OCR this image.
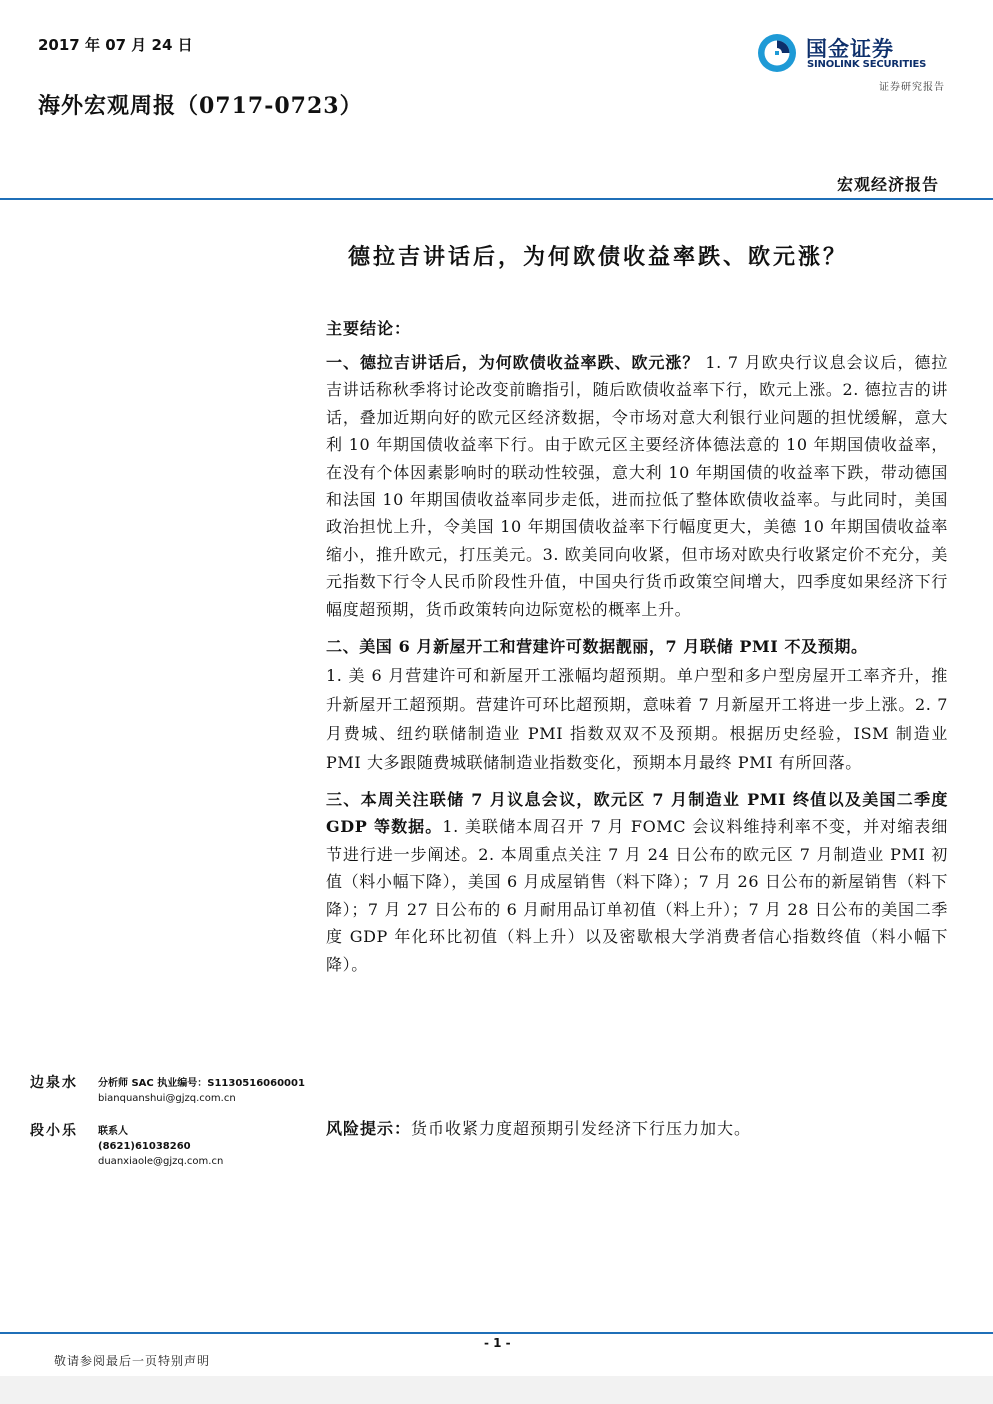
2017 年 07 月 24 日
海外宏观周报（0717-0723）
国金证券
SINOLINK SECURITIES
证券研究报告
宏观经济报告
德拉吉讲话后，为何欧债收益率跌、欧元涨？
主要结论：

一、德拉吉讲话后，为何欧债收益率跌、欧元涨？ 1. 7 月欧央行议息会议后，德拉吉讲话称秋季将讨论改变前瞻指引，随后欧债收益率下行，欧元上涨。2. 德拉吉的讲话，叠加近期向好的欧元区经济数据，令市场对意大利银行业问题的担忧缓解，意大利 10 年期国债收益率下行。由于欧元区主要经济体德法意的 10 年期国债收益率，在没有个体因素影响时的联动性较强，意大利 10 年期国债的收益率下跌，带动德国和法国 10 年期国债收益率同步走低，进而拉低了整体欧债收益率。与此同时，美国政治担忧上升，令美国 10 年期国债收益率下行幅度更大，美德 10 年期国债收益率缩小，推升欧元，打压美元。3. 欧美同向收紧，但市场对欧央行收紧定价不充分，美元指数下行令人民币阶段性升值，中国央行货币政策空间增大，四季度如果经济下行幅度超预期，货币政策转向边际宽松的概率上升。

二、美国 6 月新屋开工和营建许可数据靓丽，7 月联储 PMI 不及预期。
1. 美 6 月营建许可和新屋开工涨幅均超预期。单户型和多户型房屋开工率齐升，推升新屋开工超预期。营建许可环比超预期，意味着 7 月新屋开工将进一步上涨。2. 7 月费城、纽约联储制造业 PMI 指数双双不及预期。根据历史经验，ISM 制造业 PMI 大多跟随费城联储制造业指数变化，预期本月最终 PMI 有所回落。

三、本周关注联储 7 月议息会议，欧元区 7 月制造业 PMI 终值以及美国二季度 GDP 等数据。1. 美联储本周召开 7 月 FOMC 会议料维持利率不变，并对缩表细节进行进一步阐述。2. 本周重点关注 7 月 24 日公布的欧元区 7 月制造业 PMI 初值（料小幅下降），美国 6 月成屋销售（料下降）；7 月 26 日公布的新屋销售（料下降）；7 月 27 日公布的 6 月耐用品订单初值（料上升）；7 月 28 日公布的美国二季度 GDP 年化环比初值（料上升）以及密歇根大学消费者信心指数终值（料小幅下降）。

边泉水	分析师 SAC 执业编号：S1130516060001
bianquanshui@gjzq.com.cn
段小乐	联系人
(8621)61038260
duanxiaole@gjzq.com.cn
风险提示：货币收紧力度超预期引发经济下行压力加大。
- 1 -
敬请参阅最后一页特别声明
